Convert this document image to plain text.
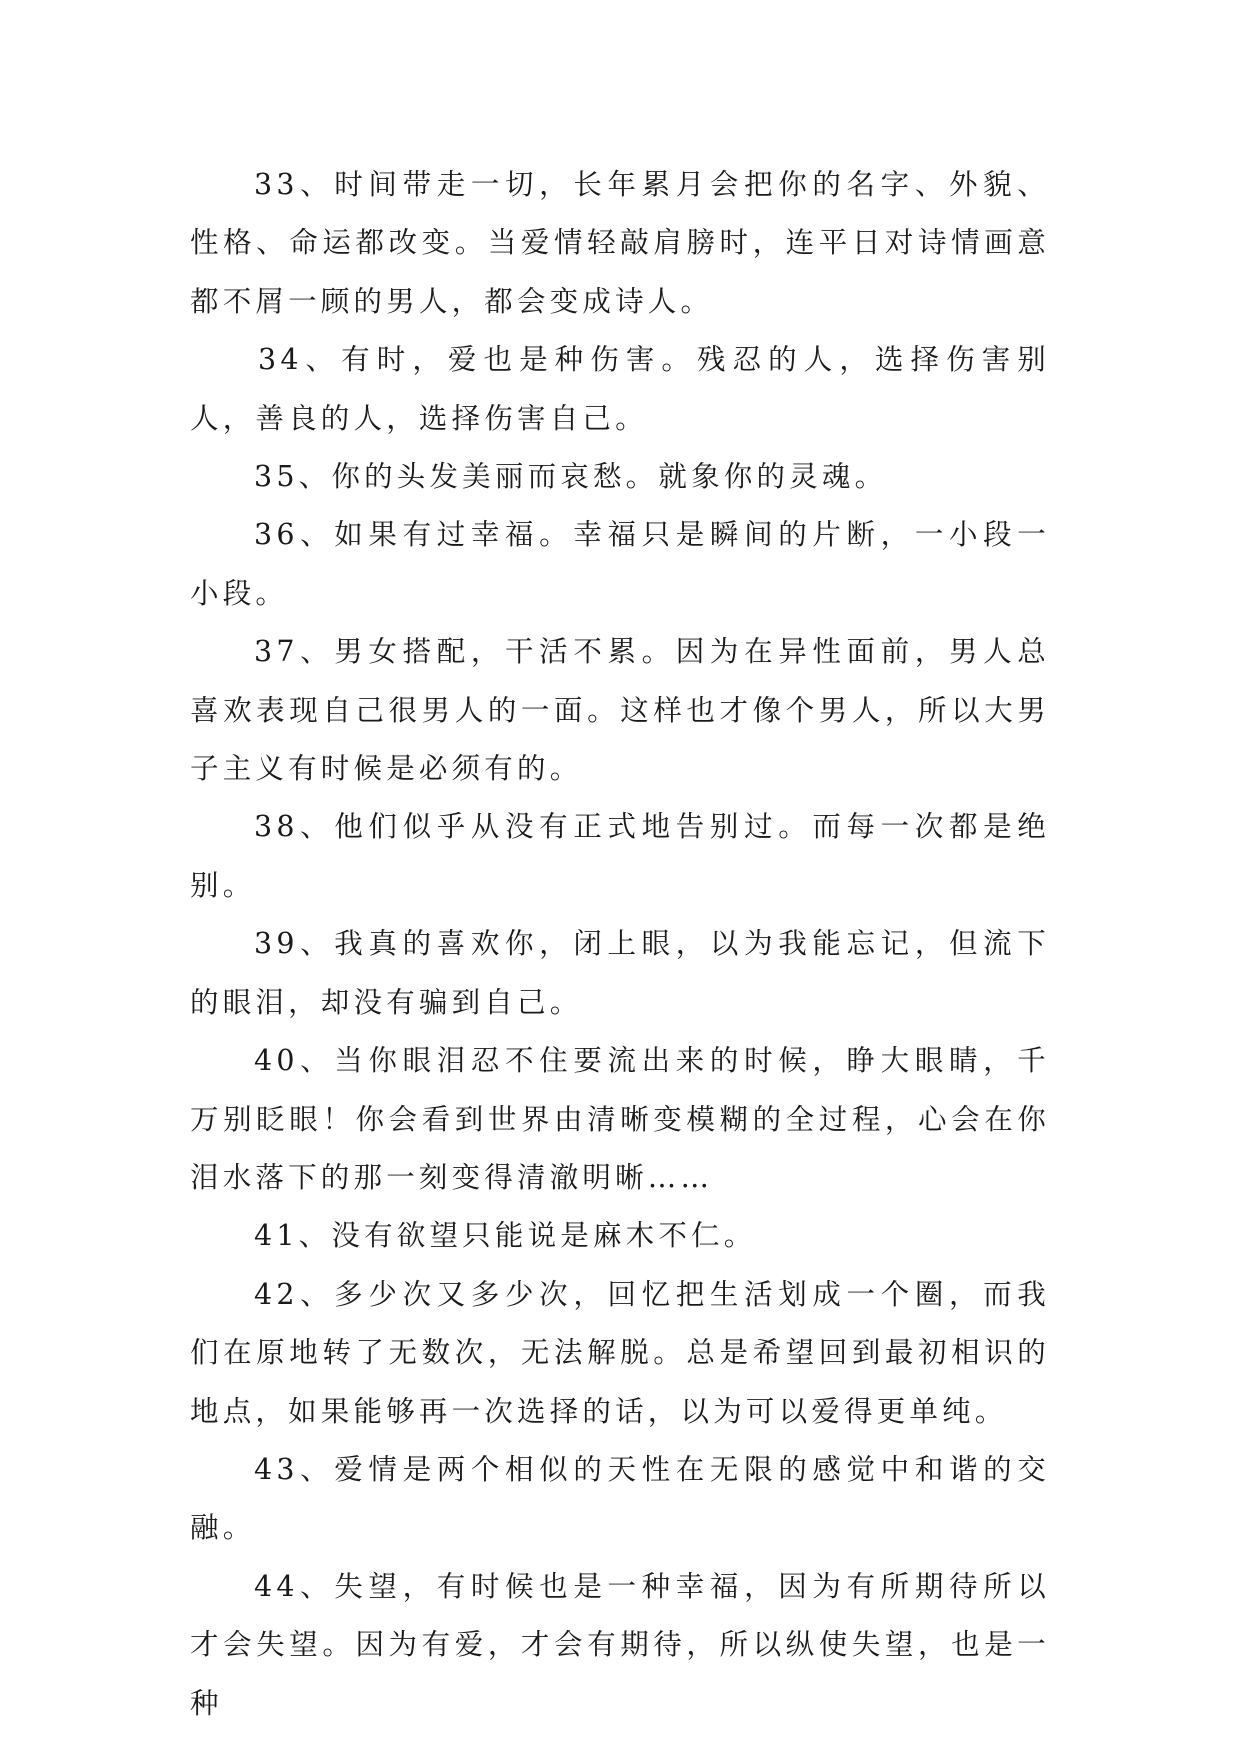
33、时间带走一切，长年累月会把你的名字、外貌、性格、命运都改变。当爱情轻敲肩膀时，连平日对诗情画意都不屑一顾的男人，都会变成诗人。

34、有时，爱也是种伤害。残忍的人，选择伤害别人，善良的人，选择伤害自己。

35、你的头发美丽而哀愁。就象你的灵魂。

36、如果有过幸福。幸福只是瞬间的片断，一小段一小段。

37、男女搭配，干活不累。因为在异性面前，男人总喜欢表现自己很男人的一面。这样也才像个男人，所以大男子主义有时候是必须有的。

38、他们似乎从没有正式地告别过。而每一次都是绝别。

39、我真的喜欢你，闭上眼，以为我能忘记，但流下的眼泪，却没有骗到自己。

40、当你眼泪忍不住要流出来的时候，睁大眼睛，千万别眨眼！你会看到世界由清晰变模糊的全过程，心会在你泪水落下的那一刻变得清澈明晰……

41、没有欲望只能说是麻木不仁。

42、多少次又多少次，回忆把生活划成一个圈，而我们在原地转了无数次，无法解脱。总是希望回到最初相识的地点，如果能够再一次选择的话，以为可以爱得更单纯。

43、爱情是两个相似的天性在无限的感觉中和谐的交融。

44、失望，有时候也是一种幸福，因为有所期待所以才会失望。因为有爱，才会有期待，所以纵使失望，也是一种
